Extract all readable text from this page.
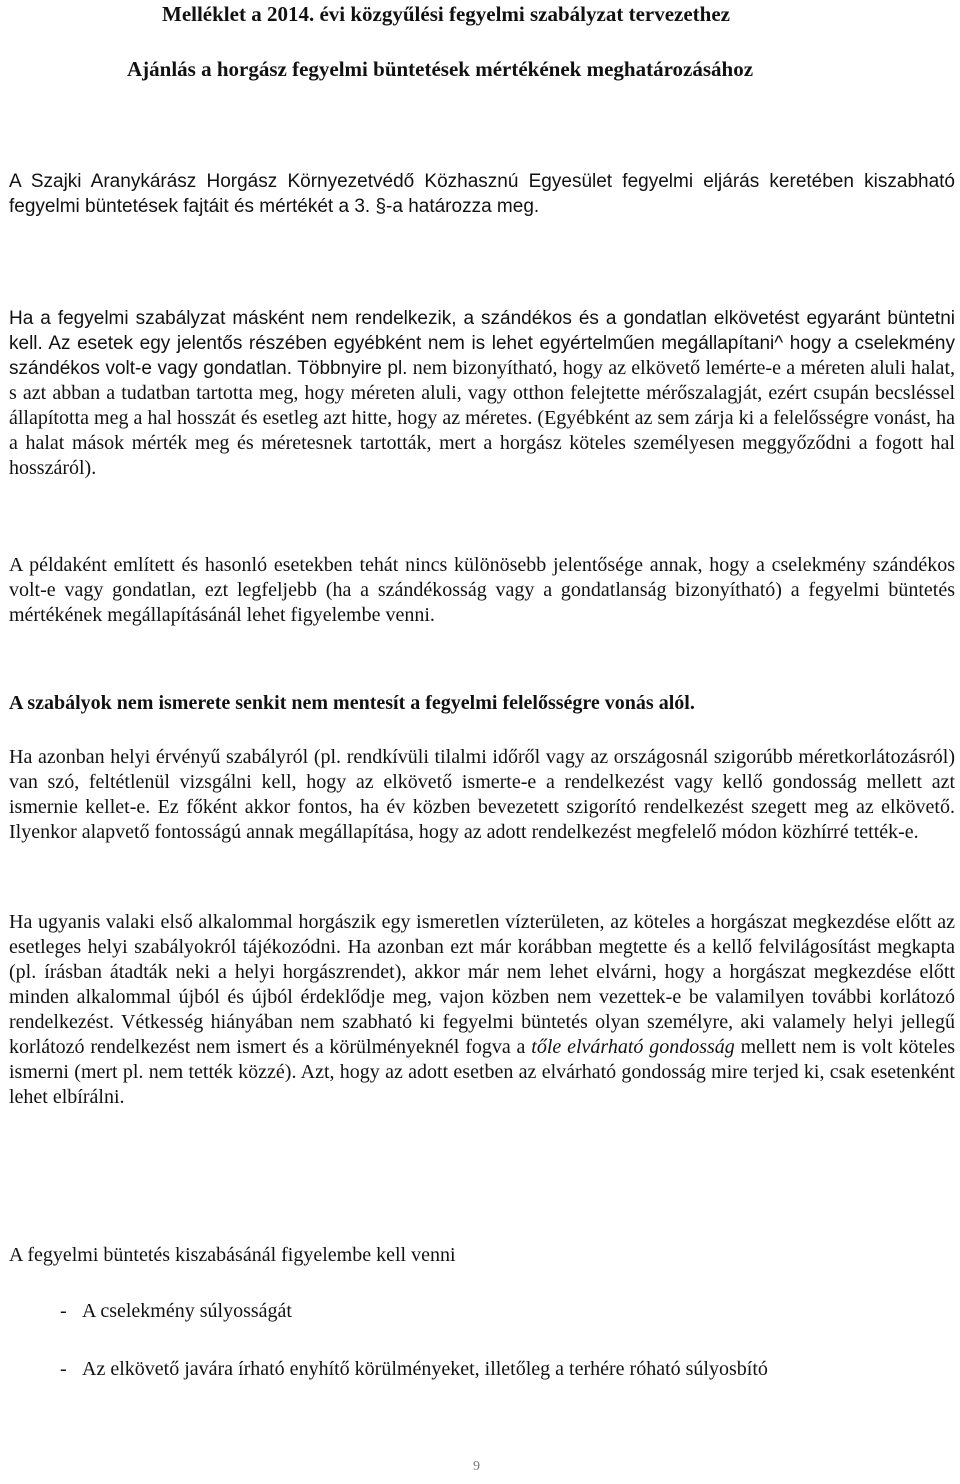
Melléklet a 2014. évi közgyűlési fegyelmi szabályzat tervezethez

Ajánlás a horgász fegyelmi büntetések mértékének meghatározásához

A Szajki Aranykárász Horgász Környezetvédő Közhasznú Egyesület fegyelmi eljárás keretében kiszabható fegyelmi büntetések fajtáit és mértékét a 3. §-a határozza meg.

Ha a fegyelmi szabályzat másként nem rendelkezik, a szándékos és a gondatlan elkövetést egyaránt büntetni kell. Az esetek egy jelentős részében egyébként nem is lehet egyértelműen megállapítani^ hogy a cselekmény szándékos volt-e vagy gondatlan. Többnyire pl. nem bizonyítható, hogy az elkövető lemérte-e a méreten aluli halat, s azt abban a tudatban tartotta meg, hogy méreten aluli, vagy otthon felejtette mérőszalagját, ezért csupán becsléssel állapította meg a hal hosszát és esetleg azt hitte, hogy az méretes. (Egyébként az sem zárja ki a felelősségre vonást, ha a halat mások mérték meg és méretesnek tartották, mert a horgász köteles személyesen meggyőződni a fogott hal hosszáról).

A példaként említett és hasonló esetekben tehát nincs különösebb jelentősége annak, hogy a cselekmény szándékos volt-e vagy gondatlan, ezt legfeljebb (ha a szándékosság vagy a gondatlanság bizonyítható) a fegyelmi büntetés mértékének megállapításánál lehet figyelembe venni.

A szabályok nem ismerete senkit nem mentesít a fegyelmi felelősségre vonás alól.

Ha azonban helyi érvényű szabályról (pl. rendkívüli tilalmi időről vagy az országosnál szigorúbb méretkorlátozásról) van szó, feltétlenül vizsgálni kell, hogy az elkövető ismerte-e a rendelkezést vagy kellő gondosság mellett azt ismernie kellet-e. Ez főként akkor fontos, ha év közben bevezetett szigorító rendelkezést szegett meg az elkövető. Ilyenkor alapvető fontosságú annak megállapítása, hogy az adott rendelkezést megfelelő módon közhírré tették-e.

Ha ugyanis valaki első alkalommal horgászik egy ismeretlen vízterületen, az köteles a horgászat megkezdése előtt az esetleges helyi szabályokról tájékozódni. Ha azonban ezt már korábban megtette és a kellő felvilágosítást megkapta (pl. írásban átadták neki a helyi horgászrendet), akkor már nem lehet elvárni, hogy a horgászat megkezdése előtt minden alkalommal újból és újból érdeklődje meg, vajon közben nem vezettek-e be valamilyen további korlátozó rendelkezést. Vétkesség hiányában nem szabható ki fegyelmi büntetés olyan személyre, aki valamely helyi jellegű korlátozó rendelkezést nem ismert és a körülményeknél fogva a tőle elvárható gondosság mellett nem is volt köteles ismerni (mert pl. nem tették közzé). Azt, hogy az adott esetben az elvárható gondosság mire terjed ki, csak esetenként lehet elbírálni.

A fegyelmi büntetés kiszabásánál figyelembe kell venni

- A cselekmény súlyosságát
- Az elkövető javára írható enyhítő körülményeket, illetőleg a terhére róható súlyosbító

9
